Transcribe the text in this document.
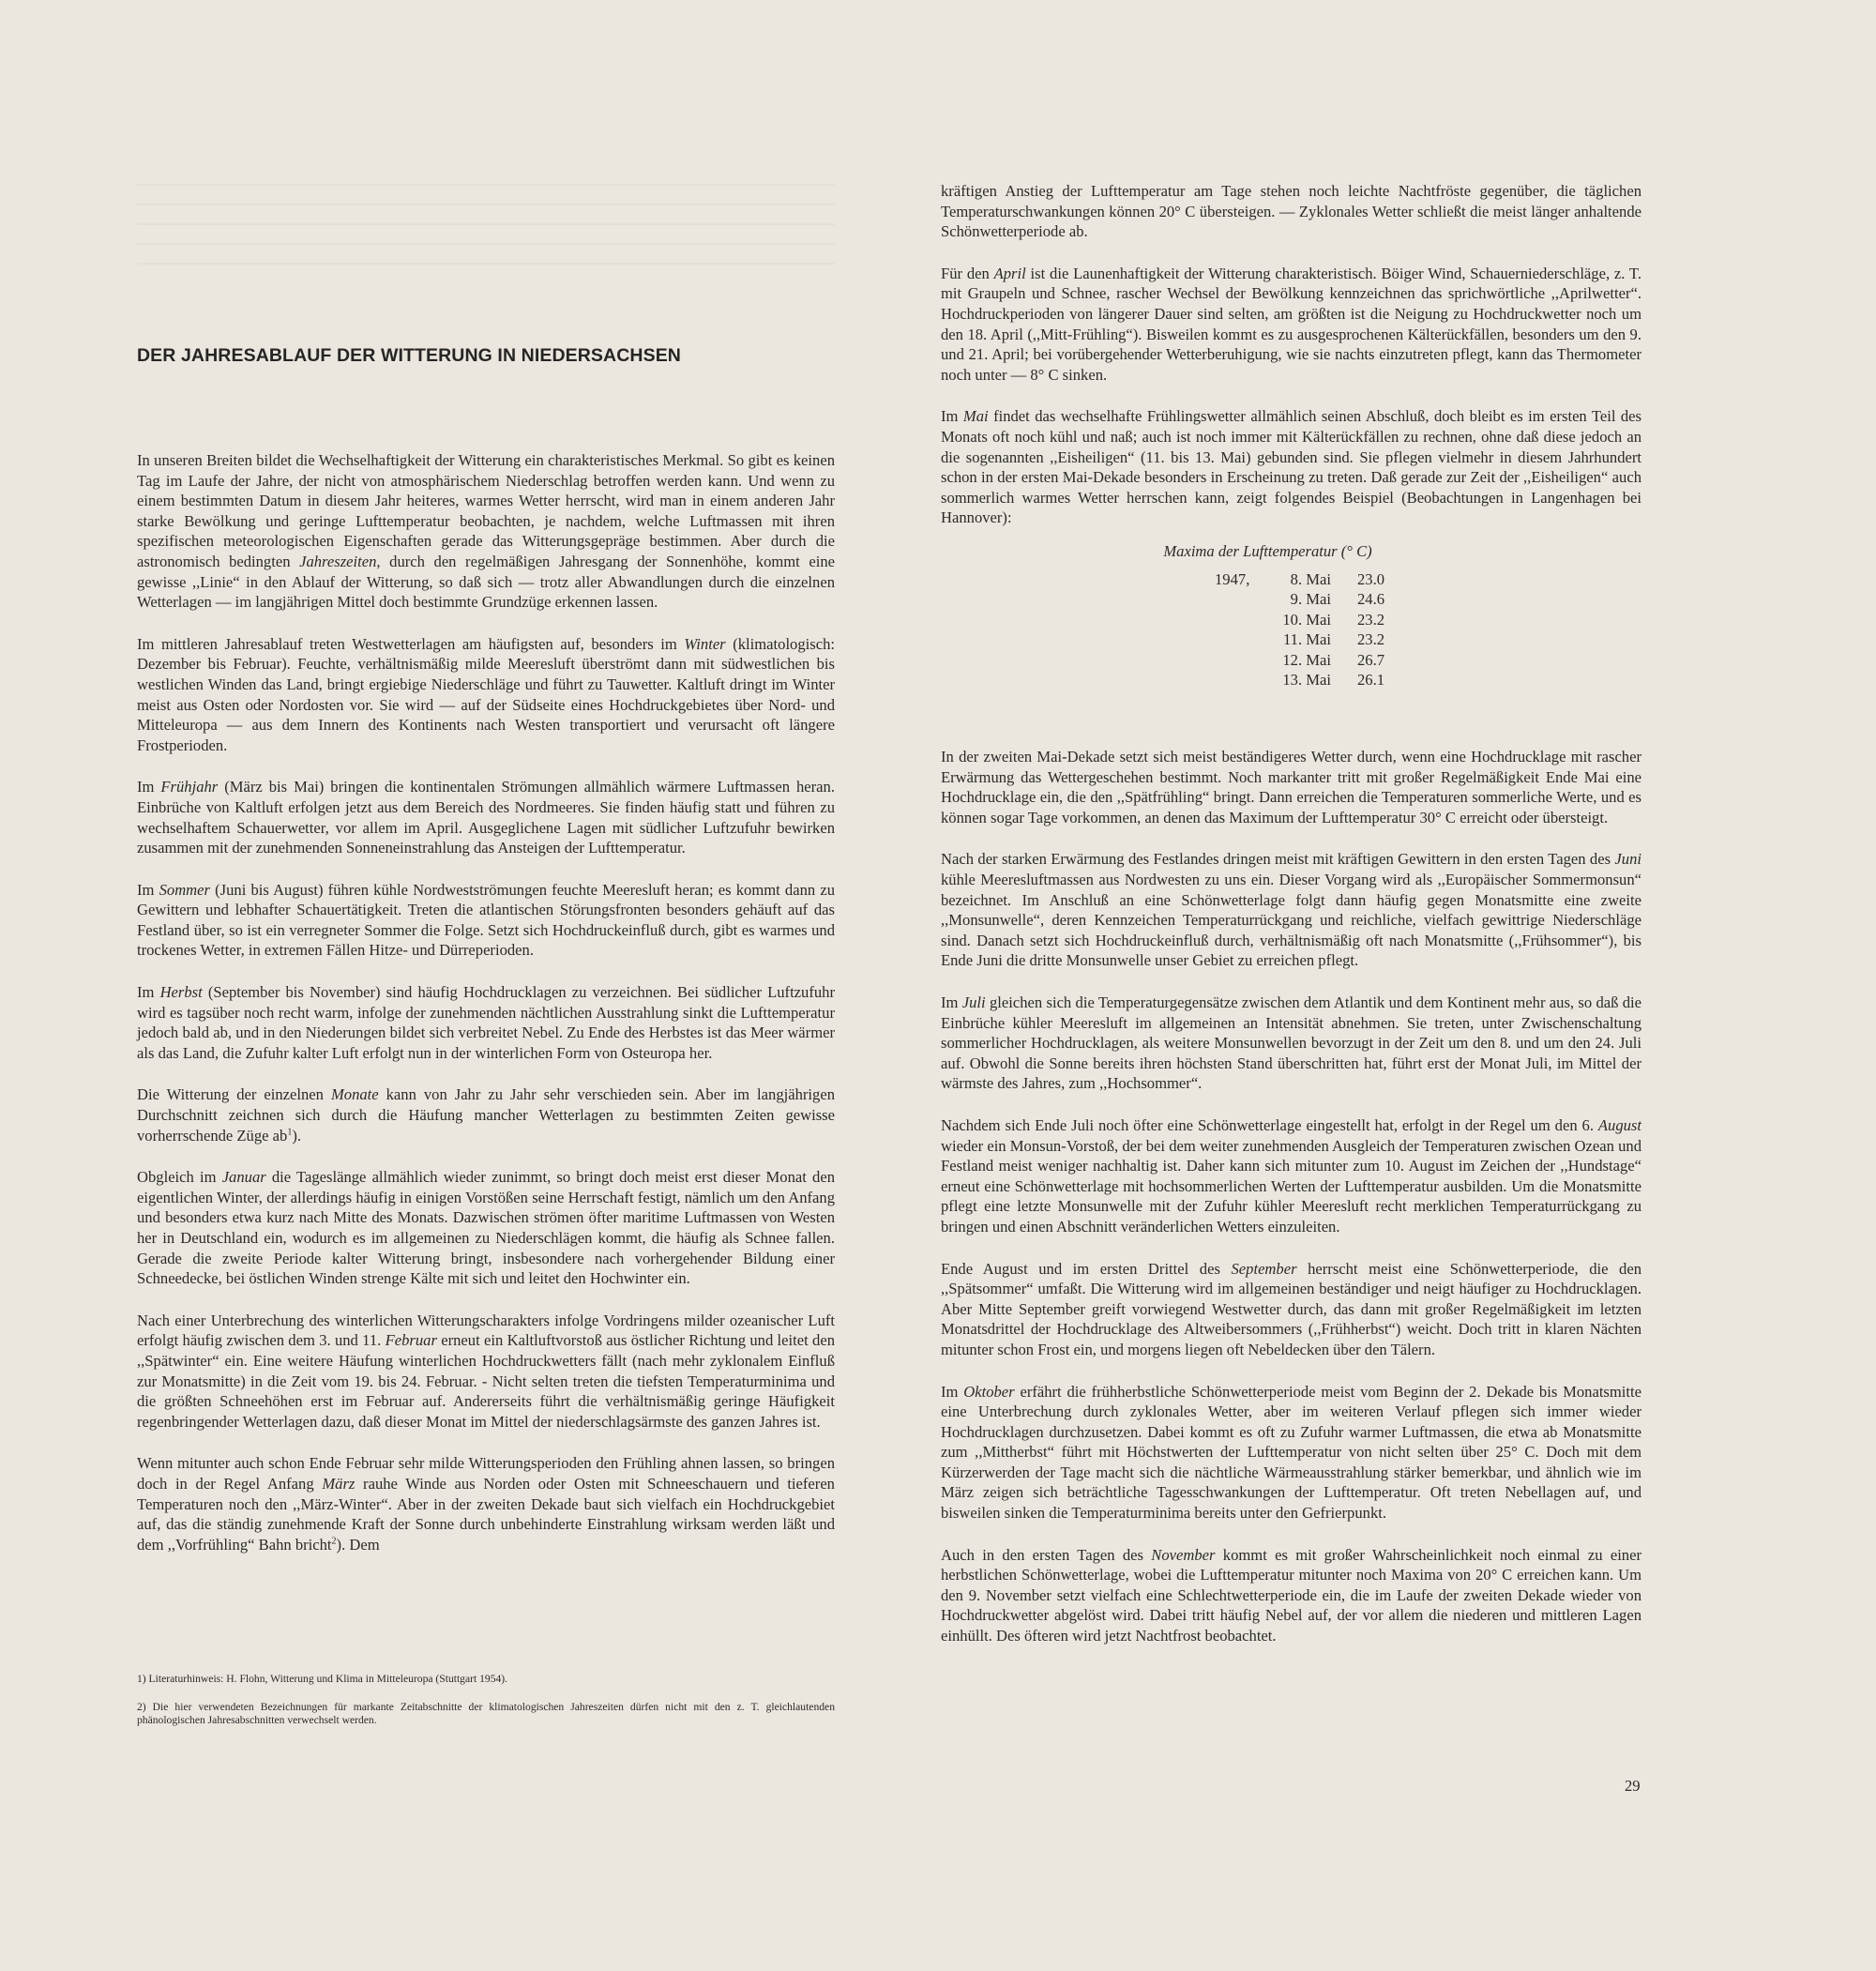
DER JAHRESABLAUF DER WITTERUNG IN NIEDERSACHSEN

In unseren Breiten bildet die Wechselhaftigkeit der Witterung ein charakteristisches Merkmal. So gibt es keinen Tag im Laufe der Jahre, der nicht von atmosphärischem Niederschlag betroffen werden kann. Und wenn zu einem bestimmten Datum in diesem Jahr heiteres, warmes Wetter herrscht, wird man in einem anderen Jahr starke Bewölkung und geringe Lufttemperatur beobachten, je nachdem, welche Luftmassen mit ihren spezifischen meteorologischen Eigenschaften gerade das Witterungsgepräge bestimmen. Aber durch die astronomisch bedingten Jahreszeiten, durch den regelmäßigen Jahresgang der Sonnenhöhe, kommt eine gewisse ,,Linie“ in den Ablauf der Witterung, so daß sich — trotz aller Abwandlungen durch die einzelnen Wetterlagen — im langjährigen Mittel doch bestimmte Grundzüge erkennen lassen.

Im mittleren Jahresablauf treten Westwetterlagen am häufigsten auf, besonders im Winter (klimatologisch: Dezember bis Februar). Feuchte, verhältnismäßig milde Meeresluft überströmt dann mit südwestlichen bis westlichen Winden das Land, bringt ergiebige Niederschläge und führt zu Tauwetter. Kaltluft dringt im Winter meist aus Osten oder Nordosten vor. Sie wird — auf der Südseite eines Hochdruckgebietes über Nord- und Mitteleuropa — aus dem Innern des Kontinents nach Westen transportiert und verursacht oft längere Frostperioden.

Im Frühjahr (März bis Mai) bringen die kontinentalen Strömungen allmählich wärmere Luftmassen heran. Einbrüche von Kaltluft erfolgen jetzt aus dem Bereich des Nordmeeres. Sie finden häufig statt und führen zu wechselhaftem Schauerwetter, vor allem im April. Ausgeglichene Lagen mit südlicher Luftzufuhr bewirken zusammen mit der zunehmenden Sonneneinstrahlung das Ansteigen der Lufttemperatur.

Im Sommer (Juni bis August) führen kühle Nordwestströmungen feuchte Meeresluft heran; es kommt dann zu Gewittern und lebhafter Schauertätigkeit. Treten die atlantischen Störungsfronten besonders gehäuft auf das Festland über, so ist ein verregneter Sommer die Folge. Setzt sich Hochdruckeinfluß durch, gibt es warmes und trockenes Wetter, in extremen Fällen Hitze- und Dürreperioden.

Im Herbst (September bis November) sind häufig Hochdrucklagen zu verzeichnen. Bei südlicher Luftzufuhr wird es tagsüber noch recht warm, infolge der zunehmenden nächtlichen Ausstrahlung sinkt die Lufttemperatur jedoch bald ab, und in den Niederungen bildet sich verbreitet Nebel. Zu Ende des Herbstes ist das Meer wärmer als das Land, die Zufuhr kalter Luft erfolgt nun in der winterlichen Form von Osteuropa her.

Die Witterung der einzelnen Monate kann von Jahr zu Jahr sehr verschieden sein. Aber im langjährigen Durchschnitt zeichnen sich durch die Häufung mancher Wetterlagen zu bestimmten Zeiten gewisse vorherrschende Züge $ab^1$).

Obgleich im Januar die Tageslänge allmählich wieder zunimmt, so bringt doch meist erst dieser Monat den eigentlichen Winter, der allerdings häufig in einigen Vorstößen seine Herrschaft festigt, nämlich um den Anfang und besonders etwa kurz nach Mitte des Monats. Dazwischen strömen öfter maritime Luftmassen von Westen her in Deutschland ein, wodurch es im allgemeinen zu Niederschlägen kommt, die häufig als Schnee fallen. Gerade die zweite Periode kalter Witterung bringt, insbesondere nach vorhergehender Bildung einer Schneedecke, bei östlichen Winden strenge Kälte mit sich und leitet den Hochwinter ein.

Nach einer Unterbrechung des winterlichen Witterungscharakters infolge Vordringens milder ozeanischer Luft erfolgt häufig zwischen dem 3. und 11. Februar erneut ein Kaltluftvorstoß aus östlicher Richtung und leitet den ,,Spätwinter“ ein. Eine weitere Häufung winterlichen Hochdruckwetters fällt (nach mehr zyklonalem Einfluß zur Monatsmitte) in die Zeit vom 19. bis 24. Februar. - Nicht selten treten die tiefsten Temperaturminima und die größten Schneehöhen erst im Februar auf. Andererseits führt die verhältnismäßig geringe Häufigkeit regenbringender Wetterlagen dazu, daß dieser Monat im Mittel der niederschlagsärmste des ganzen Jahres ist.

Wenn mitunter auch schon Ende Februar sehr milde Witterungsperioden den Frühling ahnen lassen, so bringen doch in der Regel Anfang März rauhe Winde aus Norden oder Osten mit Schneeschauern und tieferen Temperaturen noch den ,,März-Winter“. Aber in der zweiten Dekade baut sich vielfach ein Hochdruckgebiet auf, das die ständig zunehmende Kraft der Sonne durch unbehinderte Einstrahlung wirksam werden läßt und dem ,,Vorfrühling“ Bahn bricht$^2$). Dem

1) Literaturhinweis: H. Flohn, Witterung und Klima in Mitteleuropa (Stuttgart 1954).

2) Die hier verwendeten Bezeichnungen für markante Zeitabschnitte der klimatologischen Jahreszeiten dürfen nicht mit den z. T. gleichlautenden phänologischen Jahresabschnitten verwechselt werden.

kräftigen Anstieg der Lufttemperatur am Tage stehen noch leichte Nachtfröste gegenüber, die täglichen Temperaturschwankungen können 20° C übersteigen. — Zyklonales Wetter schließt die meist länger anhaltende Schönwetterperiode ab.

Für den April ist die Launenhaftigkeit der Witterung charakteristisch. Böiger Wind, Schauerniederschläge, z. T. mit Graupeln und Schnee, rascher Wechsel der Bewölkung kennzeichnen das sprichwörtliche ,,Aprilwetter“. Hochdruckperioden von längerer Dauer sind selten, am größten ist die Neigung zu Hochdruckwetter noch um den 18. April (,,Mitt-Frühling“). Bisweilen kommt es zu ausgesprochenen Kälterückfällen, besonders um den 9. und 21. April; bei vorübergehender Wetterberuhigung, wie sie nachts einzutreten pflegt, kann das Thermometer noch unter — 8° C sinken.

Im Mai findet das wechselhafte Frühlingswetter allmählich seinen Abschluß, doch bleibt es im ersten Teil des Monats oft noch kühl und naß; auch ist noch immer mit Kälterückfällen zu rechnen, ohne daß diese jedoch an die sogenannten ,,Eisheiligen“ (11. bis 13. Mai) gebunden sind. Sie pflegen vielmehr in diesem Jahrhundert schon in der ersten Mai-Dekade besonders in Erscheinung zu treten. Daß gerade zur Zeit der ,,Eisheiligen“ auch sommerlich warmes Wetter herrschen kann, zeigt folgendes Beispiel (Beobachtungen in Langenhagen bei Hannover):

Maxima der Lufttemperatur (° C)
1947,	8. Mai	23.0
	9. Mai	24.6
	10. Mai	23.2
	11. Mai	23.2
	12. Mai	26.7
	13. Mai	26.1

In der zweiten Mai-Dekade setzt sich meist beständigeres Wetter durch, wenn eine Hochdrucklage mit rascher Erwärmung das Wettergeschehen bestimmt. Noch markanter tritt mit großer Regelmäßigkeit Ende Mai eine Hochdrucklage ein, die den ,,Spätfrühling“ bringt. Dann erreichen die Temperaturen sommerliche Werte, und es können sogar Tage vorkommen, an denen das Maximum der Lufttemperatur 30° C erreicht oder übersteigt.

Nach der starken Erwärmung des Festlandes dringen meist mit kräftigen Gewittern in den ersten Tagen des Juni kühle Meeresluftmassen aus Nordwesten zu uns ein. Dieser Vorgang wird als ,,Europäischer Sommermonsun“ bezeichnet. Im Anschluß an eine Schönwetterlage folgt dann häufig gegen Monatsmitte eine zweite ,,Monsunwelle“, deren Kennzeichen Temperaturrückgang und reichliche, vielfach gewittrige Niederschläge sind. Danach setzt sich Hochdruckeinfluß durch, verhältnismäßig oft nach Monatsmitte (,,Frühsommer“), bis Ende Juni die dritte Monsunwelle unser Gebiet zu erreichen pflegt.

Im Juli gleichen sich die Temperaturgegensätze zwischen dem Atlantik und dem Kontinent mehr aus, so daß die Einbrüche kühler Meeresluft im allgemeinen an Intensität abnehmen. Sie treten, unter Zwischenschaltung sommerlicher Hochdrucklagen, als weitere Monsunwellen bevorzugt in der Zeit um den 8. und um den 24. Juli auf. Obwohl die Sonne bereits ihren höchsten Stand überschritten hat, führt erst der Monat Juli, im Mittel der wärmste des Jahres, zum ,,Hochsommer“.

Nachdem sich Ende Juli noch öfter eine Schönwetterlage eingestellt hat, erfolgt in der Regel um den 6. August wieder ein Monsun-Vorstoß, der bei dem weiter zunehmenden Ausgleich der Temperaturen zwischen Ozean und Festland meist weniger nachhaltig ist. Daher kann sich mitunter zum 10. August im Zeichen der ,,Hundstage“ erneut eine Schönwetterlage mit hochsommerlichen Werten der Lufttemperatur ausbilden. Um die Monatsmitte pflegt eine letzte Monsunwelle mit der Zufuhr kühler Meeresluft recht merklichen Temperaturrückgang zu bringen und einen Abschnitt veränderlichen Wetters einzuleiten.

Ende August und im ersten Drittel des September herrscht meist eine Schönwetterperiode, die den ,,Spätsommer“ umfaßt. Die Witterung wird im allgemeinen beständiger und neigt häufiger zu Hochdrucklagen. Aber Mitte September greift vorwiegend Westwetter durch, das dann mit großer Regelmäßigkeit im letzten Monatsdrittel der Hochdrucklage des Altweibersommers (,,Frühherbst“) weicht. Doch tritt in klaren Nächten mitunter schon Frost ein, und morgens liegen oft Nebeldecken über den Tälern.

Im Oktober erfährt die frühherbstliche Schönwetterperiode meist vom Beginn der 2. Dekade bis Monatsmitte eine Unterbrechung durch zyklonales Wetter, aber im weiteren Verlauf pflegen sich immer wieder Hochdrucklagen durchzusetzen. Dabei kommt es oft zu Zufuhr warmer Luftmassen, die etwa ab Monatsmitte zum ,,Mittherbst“ führt mit Höchstwerten der Lufttemperatur von nicht selten über 25° C. Doch mit dem Kürzerwerden der Tage macht sich die nächtliche Wärmeausstrahlung stärker bemerkbar, und ähnlich wie im März zeigen sich beträchtliche Tagesschwankungen der Lufttemperatur. Oft treten Nebellagen auf, und bisweilen sinken die Temperaturminima bereits unter den Gefrierpunkt.

Auch in den ersten Tagen des November kommt es mit großer Wahrscheinlichkeit noch einmal zu einer herbstlichen Schönwetterlage, wobei die Lufttemperatur mitunter noch Maxima von 20° C erreichen kann. Um den 9. November setzt vielfach eine Schlechtwetterperiode ein, die im Laufe der zweiten Dekade wieder von Hochdruckwetter abgelöst wird. Dabei tritt häufig Nebel auf, der vor allem die niederen und mittleren Lagen einhüllt. Des öfteren wird jetzt Nachtfrost beobachtet.

29
